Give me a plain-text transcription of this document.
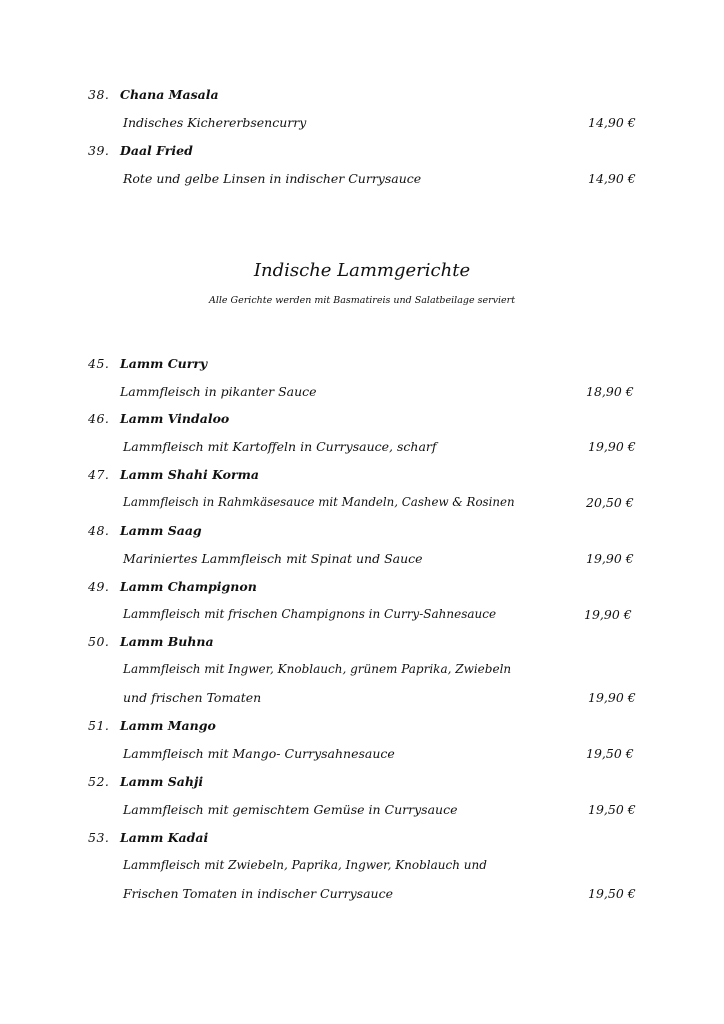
38. Chana Masala
Indisches Kichererbsencurry	14,90 €
39. Daal Fried
Rote und gelbe Linsen in indischer Currysauce	14,90 €
Indische Lammgerichte
Alle Gerichte werden mit Basmatireis und Salatbeilage serviert
45. Lamm Curry
Lammfleisch in pikanter Sauce	18,90 €
46. Lamm Vindaloo
Lammfleisch mit Kartoffeln in Currysauce, scharf	19,90 €
47. Lamm Shahi Korma
Lammfleisch in Rahmkäsesauce mit Mandeln, Cashew & Rosinen	20,50 €
48. Lamm Saag
Mariniertes Lammfleisch mit Spinat und Sauce	19,90 €
49. Lamm Champignon
Lammfleisch mit frischen Champignons in Curry-Sahnesauce	19,90 €
50. Lamm Buhna
Lammfleisch mit Ingwer, Knoblauch, grünem Paprika, Zwiebeln
und frischen Tomaten	19,90 €
51. Lamm Mango
Lammfleisch mit Mango- Currysahnesauce	19,50 €
52. Lamm Sahji
Lammfleisch mit gemischtem Gemüse in Currysauce	19,50 €
53. Lamm Kadai
Lammfleisch mit Zwiebeln, Paprika, Ingwer, Knoblauch und
Frischen Tomaten in indischer Currysauce	19,50 €
